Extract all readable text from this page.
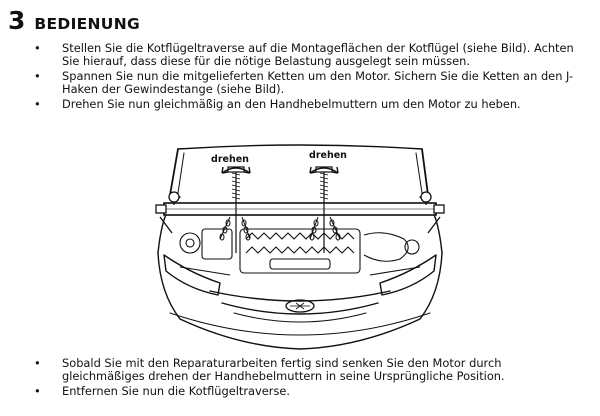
3 BEDIENUNG
• Stellen Sie die Kotflügeltraverse auf die Montageflächen der Kotflügel (siehe Bild). Achten Sie hierauf, dass diese für die nötige Belastung ausgelegt sein müssen.
• Spannen Sie nun die mitgelieferten Ketten um den Motor. Sichern Sie die Ketten an den J-Haken der Gewindestange (siehe Bild).
• Drehen Sie nun gleichmäßig an den Handhebelmuttern um den Motor zu heben.
drehen	drehen
• Sobald Sie mit den Reparaturarbeiten fertig sind senken Sie den Motor durch gleichmäßiges drehen der Handhebelmuttern in seine Ursprüngliche Position.
• Entfernen Sie nun die Kotflügeltraverse.
